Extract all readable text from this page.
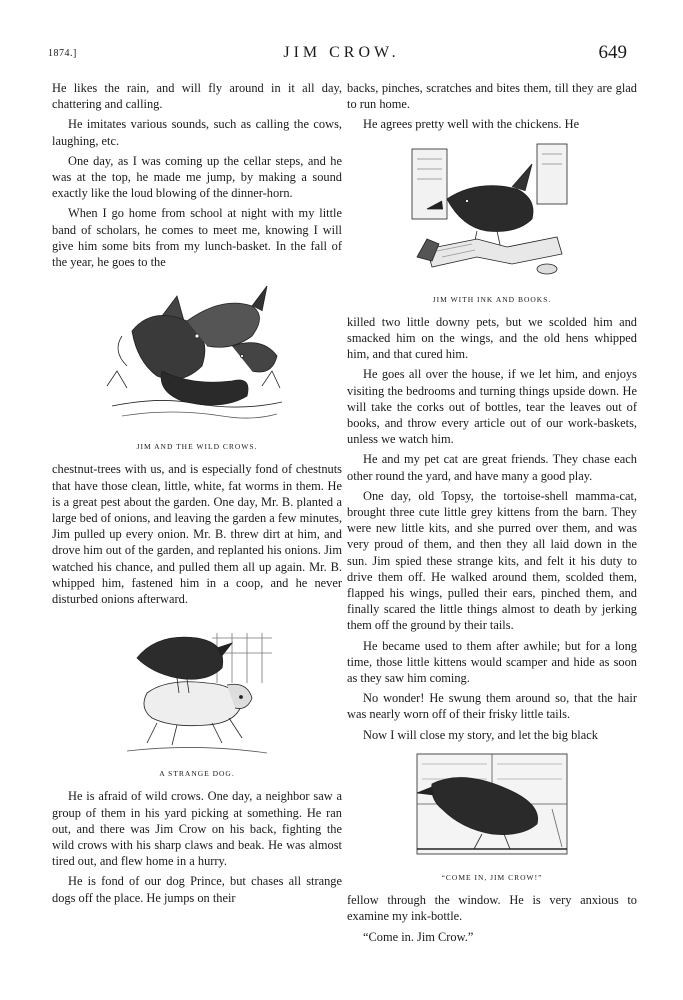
1874.]	JIM CROW.	649

He likes the rain, and will fly around in it all day, chattering and calling.

He imitates various sounds, such as calling the cows, laughing, etc.

One day, as I was coming up the cellar steps, and he was at the top, he made me jump, by making a sound exactly like the loud blowing of the dinner-horn.

When I go home from school at night with my little band of scholars, he comes to meet me, knowing I will give him some bits from my lunch-basket. In the fall of the year, he goes to the

JIM AND THE WILD CROWS.

chestnut-trees with us, and is especially fond of chestnuts that have those clean, little, white, fat worms in them. He is a great pest about the garden. One day, Mr. B. planted a large bed of onions, and leaving the garden a few minutes, Jim pulled up every onion. Mr. B. threw dirt at him, and drove him out of the garden, and replanted his onions. Jim watched his chance, and pulled them all up again. Mr. B. whipped him, fastened him in a coop, and he never disturbed onions afterward.

A STRANGE DOG.

He is afraid of wild crows. One day, a neighbor saw a group of them in his yard picking at something. He ran out, and there was Jim Crow on his back, fighting the wild crows with his sharp claws and beak. He was almost tired out, and flew home in a hurry.

He is fond of our dog Prince, but chases all strange dogs off the place. He jumps on their

backs, pinches, scratches and bites them, till they are glad to run home.

He agrees pretty well with the chickens. He

JIM WITH INK AND BOOKS.

killed two little downy pets, but we scolded him and smacked him on the wings, and the old hens whipped him, and that cured him.

He goes all over the house, if we let him, and enjoys visiting the bedrooms and turning things upside down. He will take the corks out of bottles, tear the leaves out of books, and throw every article out of our work-baskets, unless we watch him.

He and my pet cat are great friends. They chase each other round the yard, and have many a good play.

One day, old Topsy, the tortoise-shell mamma-cat, brought three cute little grey kittens from the barn. They were new little kits, and she purred over them, and was very proud of them, and then they all laid down in the sun. Jim spied these strange kits, and felt it his duty to drive them off. He walked around them, scolded them, flapped his wings, pulled their ears, pinched them, and finally scared the little things almost to death by jerking them off the ground by their tails.

He became used to them after awhile; but for a long time, those little kittens would scamper and hide as soon as they saw him coming.

No wonder! He swung them around so, that the hair was nearly worn off of their frisky little tails.

Now I will close my story, and let the big black

“COME IN, JIM CROW!”

fellow through the window. He is very anxious to examine my ink-bottle.

“Come in. Jim Crow.”
